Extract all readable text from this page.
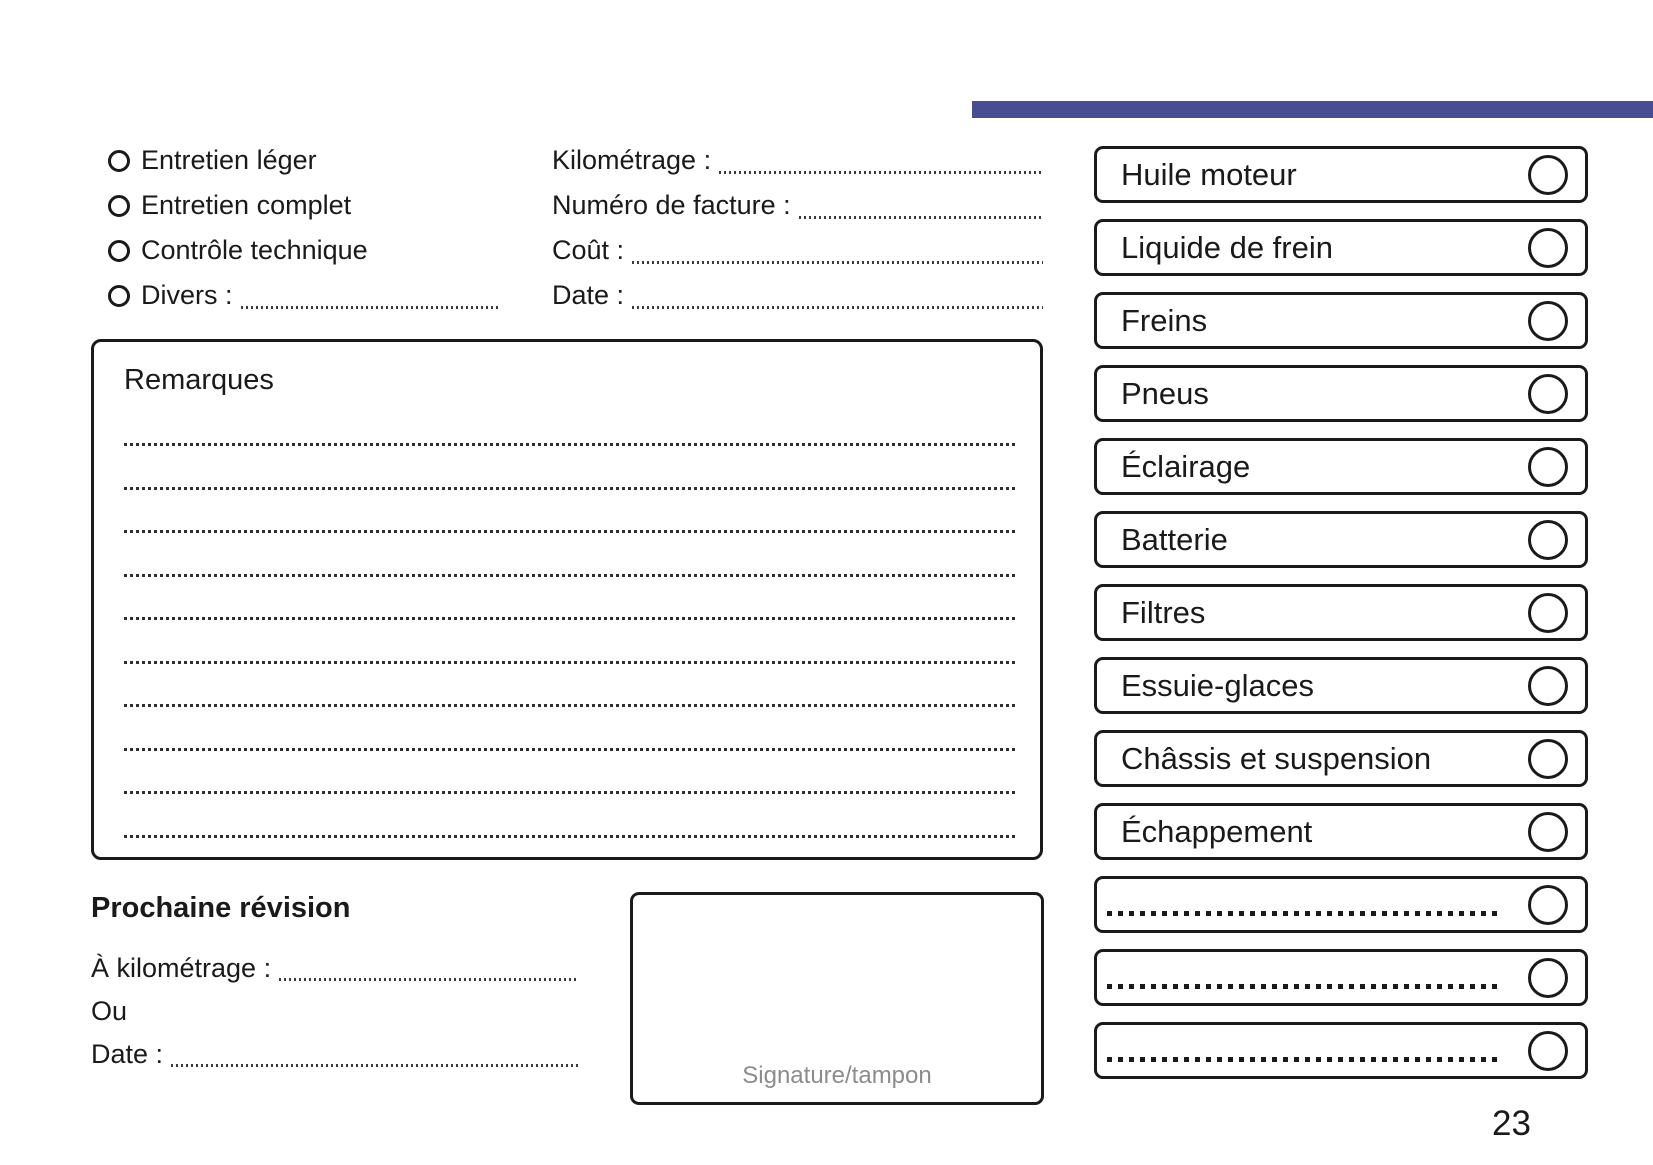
Entretien léger
Entretien complet
Contrôle technique
Divers :
Kilométrage :
Numéro de facture :
Coût :
Date :
Remarques
Prochaine révision
À kilométrage :
Ou
Date :
Signature/tampon
Huile moteur
Liquide de frein
Freins
Pneus
Éclairage
Batterie
Filtres
Essuie-glaces
Châssis et suspension
Échappement
23
